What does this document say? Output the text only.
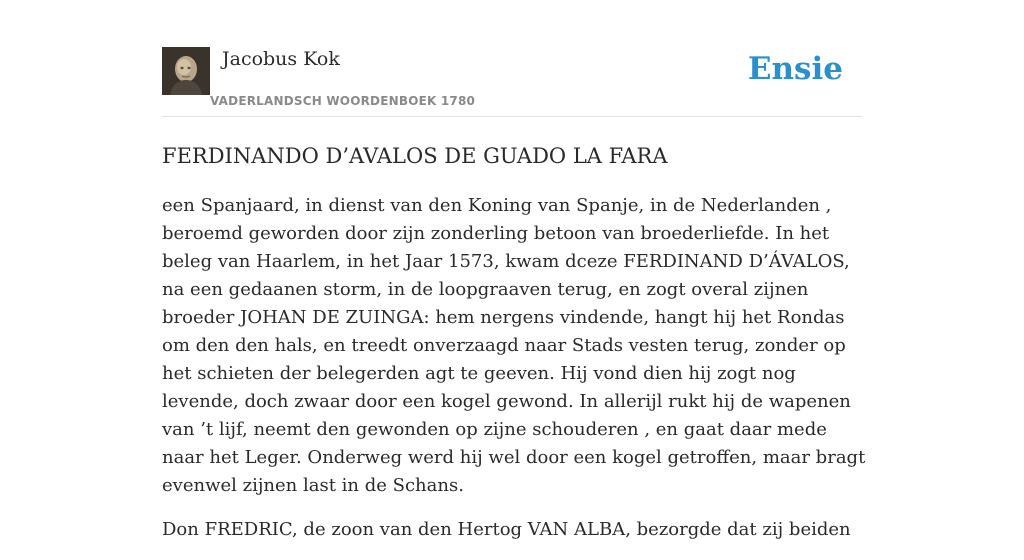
Jacobus Kok
VADERLANDSCH WOORDENBOEK 1780
Ensie
FERDINANDO D’AVALOS DE GUADO LA FARA

een Spanjaard, in dienst van den Koning van Spanje, in de Nederlanden , beroemd geworden door zijn zonderling betoon van broederliefde. In het beleg van Haarlem, in het Jaar 1573, kwam dceze FERDINAND D’ÁVALOS, na een gedaanen storm, in de loopgraaven terug, en zogt overal zijnen broeder JOHAN DE ZUINGA: hem nergens vindende, hangt hij het Rondas om den den hals, en treedt onverzaagd naar Stads vesten terug, zonder op het schieten der belegerden agt te geeven. Hij vond dien hij zogt nog levende, doch zwaar door een kogel gewond. In allerijl rukt hij de wapenen van ’t lijf, neemt den gewonden op zijne schouderen , en gaat daar mede naar het Leger. Onderweg werd hij wel door een kogel getroffen, maar bragt evenwel zijnen last in de Schans.

Don FREDRIC, de zoon van den Hertog VAN ALBA, bezorgde dat zij beiden
